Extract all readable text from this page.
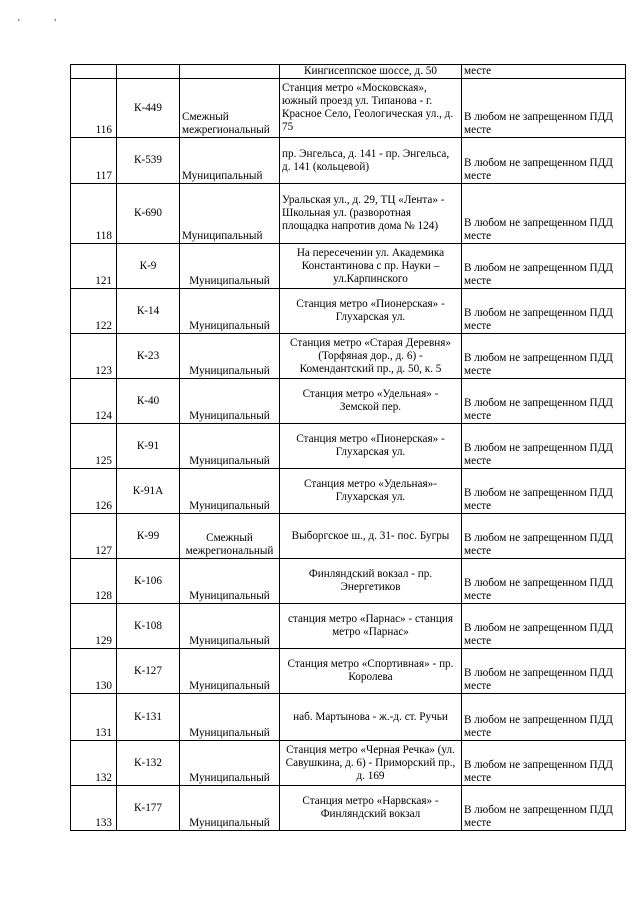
' '
			Кингисеппское шоссе, д. 50	месте
116	К-449	Смежный межрегиональный	Станция метро «Московская», южный проезд ул. Типанова - г. Красное Село, Геологическая ул., д. 75	В любом не запрещенном ПДД месте
117	К-539	Муниципальный	пр. Энгельса, д. 141 - пр. Энгельса, д. 141 (кольцевой)	В любом не запрещенном ПДД месте
118	К-690	Муниципальный	Уральская ул., д. 29, ТЦ «Лента» - Школьная ул. (разворотная площадка напротив дома № 124)	В любом не запрещенном ПДД месте
121	К-9	Муниципальный	На пересечении ул. Академика Константинова с пр. Науки – ул.Карпинского	В любом не запрещенном ПДД месте
122	К-14	Муниципальный	Станция метро «Пионерская» - Глухарская ул.	В любом не запрещенном ПДД месте
123	К-23	Муниципальный	Станция метро «Старая Деревня» (Торфяная дор., д. 6) - Комендантский пр., д. 50, к. 5	В любом не запрещенном ПДД месте
124	К-40	Муниципальный	Станция метро «Удельная» - Земской пер.	В любом не запрещенном ПДД месте
125	К-91	Муниципальный	Станция метро «Пионерская» - Глухарская ул.	В любом не запрещенном ПДД месте
126	К-91А	Муниципальный	Станция метро «Удельная»- Глухарская ул.	В любом не запрещенном ПДД месте
127	К-99	Смежный межрегиональный	Выборгское ш., д. 31- пос. Бугры	В любом не запрещенном ПДД месте
128	К-106	Муниципальный	Финляндский вокзал - пр. Энергетиков	В любом не запрещенном ПДД месте
129	К-108	Муниципальный	станция метро «Парнас» - станция метро «Парнас»	В любом не запрещенном ПДД месте
130	К-127	Муниципальный	Станция метро «Спортивная» - пр. Королева	В любом не запрещенном ПДД месте
131	К-131	Муниципальный	наб. Мартынова - ж.-д. ст. Ручьи	В любом не запрещенном ПДД месте
132	К-132	Муниципальный	Станция метро «Черная Речка» (ул. Савушкина, д. 6) - Приморский пр., д. 169	В любом не запрещенном ПДД месте
133	К-177	Муниципальный	Станция метро «Нарвская» - Финляндский вокзал	В любом не запрещенном ПДД месте
